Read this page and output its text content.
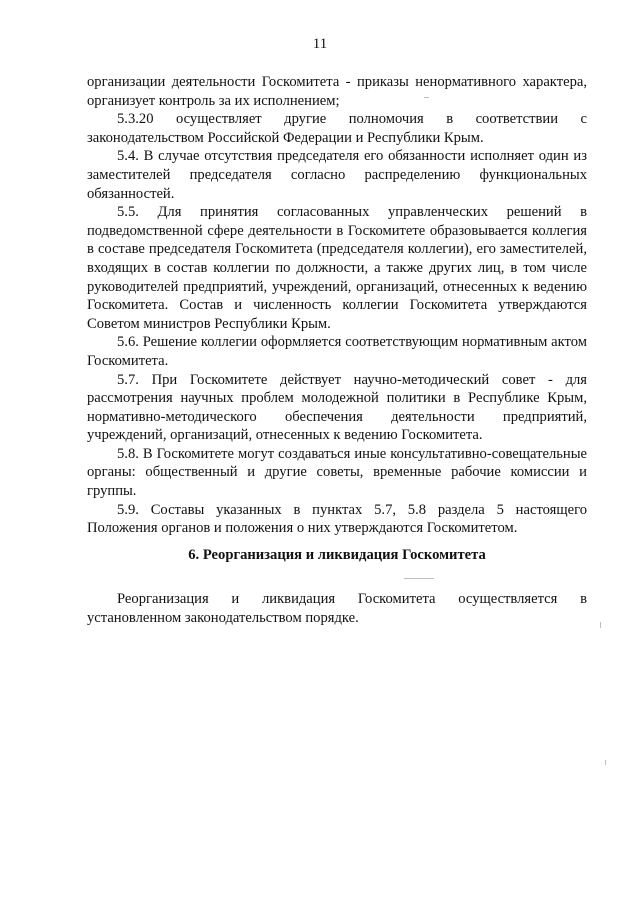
11

организации деятельности Госкомитета - приказы ненормативного характера, организует контроль за их исполнением;

5.3.20 осуществляет другие полномочия в соответствии с законодательством Российской Федерации и Республики Крым.

5.4. В случае отсутствия председателя его обязанности исполняет один из заместителей председателя согласно распределению функциональных обязанностей.

5.5. Для принятия согласованных управленческих решений в подведомственной сфере деятельности в Госкомитете образовывается коллегия в составе председателя Госкомитета (председателя коллегии), его заместителей, входящих в состав коллегии по должности, а также других лиц, в том числе руководителей предприятий, учреждений, организаций, отнесенных к ведению Госкомитета. Состав и численность коллегии Госкомитета утверждаются Советом министров Республики Крым.

5.6. Решение коллегии оформляется соответствующим нормативным актом Госкомитета.

5.7. При Госкомитете действует научно-методический совет - для рассмотрения научных проблем молодежной политики в Республике Крым, нормативно-методического обеспечения деятельности предприятий, учреждений, организаций, отнесенных к ведению Госкомитета.

5.8. В Госкомитете могут создаваться иные консультативно-совещательные органы: общественный и другие советы, временные рабочие комиссии и группы.

5.9. Составы указанных в пунктах 5.7, 5.8 раздела 5 настоящего Положения органов и положения о них утверждаются Госкомитетом.

6. Реорганизация и ликвидация Госкомитета

Реорганизация и ликвидация Госкомитета осуществляется в установленном законодательством порядке.
